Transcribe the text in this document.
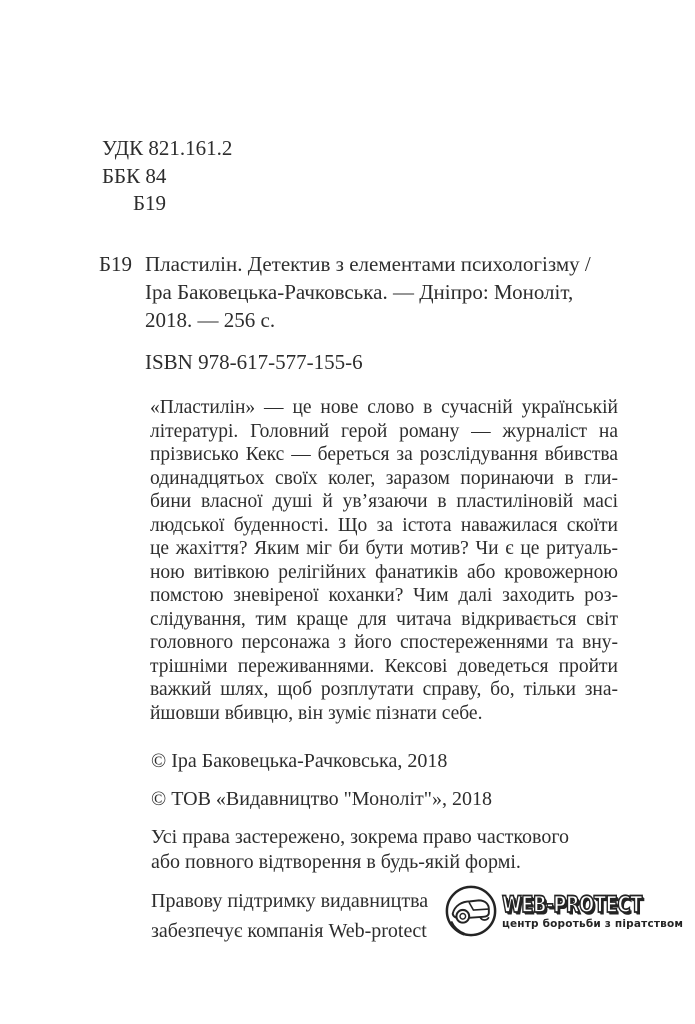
УДК 821.161.2
ББК 84
Б19
Б19 Пластилін. Детектив з елементами психологізму /
Іра Баковецька-Рачковська. — Дніпро: Моноліт,
2018. — 256 с.
ISBN 978-617-577-155-6
«Пластилін» — це нове слово в сучасній українській
літературі. Головний герой роману — журналіст на
прізвисько Кекс — береться за розслідування вбивства
одинадцятьох своїх колег, заразом поринаючи в гли-
бини власної душі й ув’язаючи в пластиліновій масі
людської буденності. Що за істота наважилася скоїти
це жахіття? Яким міг би бути мотив? Чи є це ритуаль-
ною витівкою релігійних фанатиків або кровожерною
помстою зневіреної коханки? Чим далі заходить роз-
слідування, тим краще для читача відкривається світ
головного персонажа з його спостереженнями та вну-
трішніми переживаннями. Кексові доведеться пройти
важкий шлях, щоб розплутати справу, бо, тільки зна-
йшовши вбивцю, він зуміє пізнати себе.
© Іра Баковецька-Рачковська, 2018
© ТОВ «Видавництво "Моноліт"», 2018
Усі права застережено, зокрема право часткового
або повного відтворення в будь-якій формі.
Правову підтримку видавництва
забезпечує компанія Web-protect
WEB-PROTECT
центр боротьби з піратством
